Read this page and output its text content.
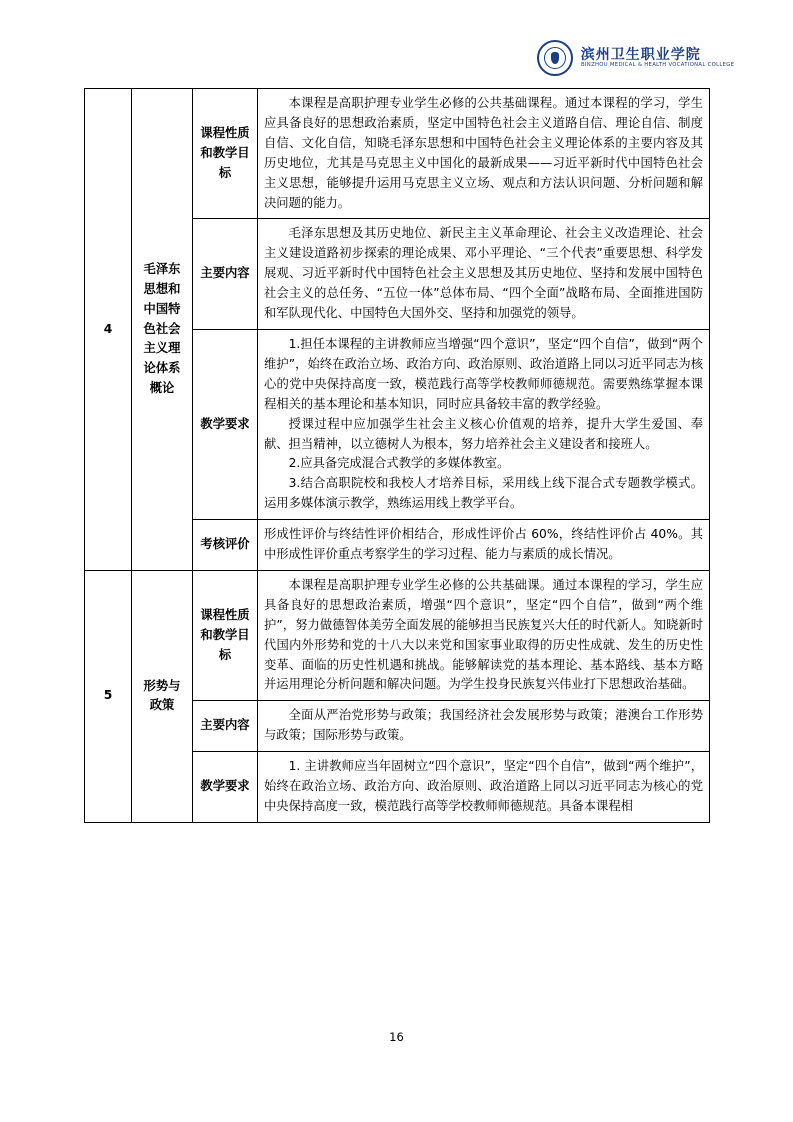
滨州卫生职业学院
BINZHOU MEDICAL & HEALTH VOCATIONAL COLLEGE
4	毛泽东思想和中国特色社会主义理论体系概论	课程性质和教学目标	本课程是高职护理专业学生必修的公共基础课程。通过本课程的学习，学生应具备良好的思想政治素质，坚定中国特色社会主义道路自信、理论自信、制度自信、文化自信，知晓毛泽东思想和中国特色社会主义理论体系的主要内容及其历史地位，尤其是马克思主义中国化的最新成果——习近平新时代中国特色社会主义思想，能够提升运用马克思主义立场、观点和方法认识问题、分析问题和解决问题的能力。

		主要内容	毛泽东思想及其历史地位、新民主主义革命理论、社会主义改造理论、社会主义建设道路初步探索的理论成果、邓小平理论、“三个代表”重要思想、科学发展观、习近平新时代中国特色社会主义思想及其历史地位、坚持和发展中国特色社会主义的总任务、“五位一体”总体布局、“四个全面”战略布局、全面推进国防和军队现代化、中国特色大国外交、坚持和加强党的领导。

		教学要求	1.担任本课程的主讲教师应当增强“四个意识”，坚定“四个自信”，做到“两个维护”，始终在政治立场、政治方向、政治原则、政治道路上同以习近平同志为核心的党中央保持高度一致，模范践行高等学校教师师德规范。需要熟练掌握本课程相关的基本理论和基本知识，同时应具备较丰富的教学经验。

授课过程中应加强学生社会主义核心价值观的培养，提升大学生爱国、奉献、担当精神，以立德树人为根本，努力培养社会主义建设者和接班人。

2.应具备完成混合式教学的多媒体教室。

3.结合高职院校和我校人才培养目标，采用线上线下混合式专题教学模式。运用多媒体演示教学，熟练运用线上教学平台。

		考核评价	形成性评价与终结性评价相结合，形成性评价占 60%，终结性评价占 40%。其中形成性评价重点考察学生的学习过程、能力与素质的成长情况。

5	形势与政策	课程性质和教学目标	本课程是高职护理专业学生必修的公共基础课。通过本课程的学习，学生应具备良好的思想政治素质，增强“四个意识”，坚定“四个自信”，做到“两个维护”，努力做德智体美劳全面发展的能够担当民族复兴大任的时代新人。知晓新时代国内外形势和党的十八大以来党和国家事业取得的历史性成就、发生的历史性变革、面临的历史性机遇和挑战。能够解读党的基本理论、基本路线、基本方略并运用理论分析问题和解决问题。为学生投身民族复兴伟业打下思想政治基础。

		主要内容	全面从严治党形势与政策；我国经济社会发展形势与政策；港澳台工作形势与政策；国际形势与政策。

		教学要求	1. 主讲教师应当年固树立“四个意识”，坚定“四个自信”，做到“两个维护”，始终在政治立场、政治方向、政治原则、政治道路上同以习近平同志为核心的党中央保持高度一致，模范践行高等学校教师师德规范。具备本课程相

16
